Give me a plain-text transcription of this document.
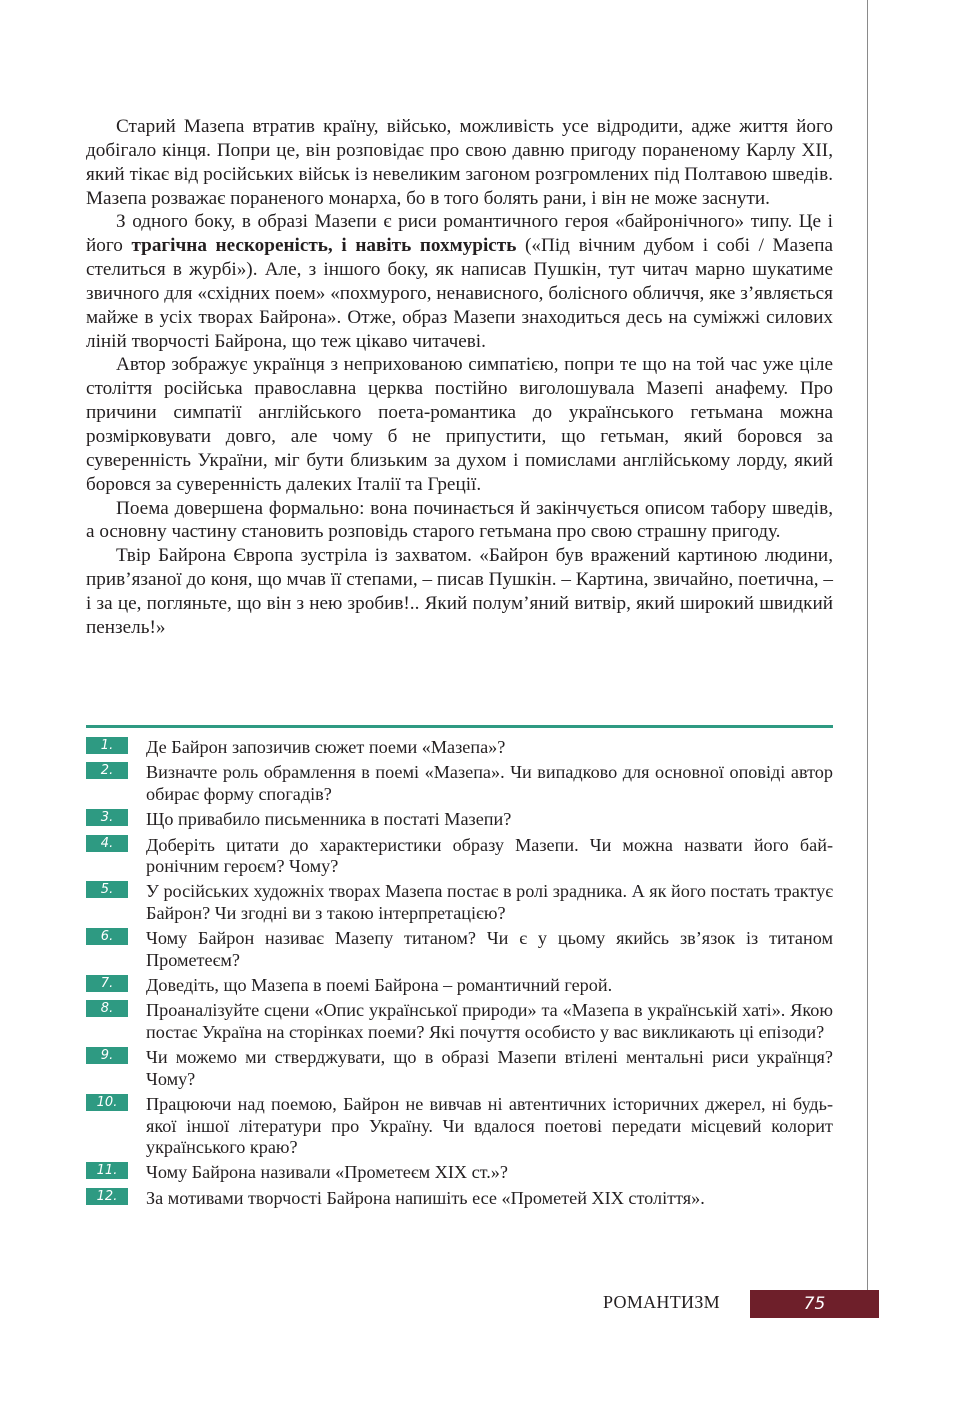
Старий Мазепа втратив країну, військо, можливість усе відродити, адже життя його добігало кінця. Попри це, він розповідає про свою давню пригоду пораненому Карлу XII, який тікає від російських військ із невеликим загоном розгромлених під Полтавою шведів. Мазепа розважає пораненого монарха, бо в того болять рани, і він не може заснути.

З одного боку, в образі Мазепи є риси романтичного героя «байронічного» типу. Це і його трагічна нескореність, і навіть похмурість («Під вічним дубом і собі / Мазепа стелиться в журбі»). Але, з іншого боку, як написав Пушкін, тут читач марно шукатиме звичного для «східних поем» «похмурого, ненависного, болісного обличчя, яке з’являється майже в усіх творах Байрона». Отже, образ Мазепи знаходиться десь на суміжжі силових ліній творчості Байрона, що теж цікаво читачеві.

Автор зображує українця з неприхованою симпатією, попри те що на той час уже ціле століття російська православна церква постійно виголошувала Мазепі анафему. Про причини симпатії англійського поета-романтика до українського гетьмана можна розмірковувати довго, але чому б не припустити, що гетьман, який боровся за суверенність України, міг бути близьким за духом і помислами англійському лорду, який боровся за суверенність далеких Італії та Греції.

Поема довершена формально: вона починається й закінчується описом табору шведів, а основну частину становить розповідь старого гетьмана про свою страшну пригоду.

Твір Байрона Європа зустріла із захватом. «Байрон був вражений картиною людини, прив’язаної до коня, що мчав її степами, – писав Пушкін. – Картина, звичайно, поетична, – і за це, погляньте, що він з нею зробив!.. Який полум’яний витвір, який широкий швидкий пензель!»

1.	Де Байрон запозичив сюжет поеми «Мазепа»?
2.	Визначте роль обрамлення в поемі «Мазепа». Чи випадково для основної оповіді автор обирає форму спогадів?
3.	Що привабило письменника в постаті Мазепи?
4.	Доберіть цитати до характеристики образу Мазепи. Чи можна назвати його байронічним героєм? Чому?
5.	У російських художніх творах Мазепа постає в ролі зрадника. А як його постать трактує Байрон? Чи згодні ви з такою інтерпретацією?
6.	Чому Байрон називає Мазепу титаном? Чи є у цьому якийсь зв’язок із титаном Прометеєм?
7.	Доведіть, що Мазепа в поемі Байрона – романтичний герой.
8.	Проаналізуйте сцени «Опис української природи» та «Мазепа в українській хаті». Якою постає Україна на сторінках поеми? Які почуття особисто у вас викликають ці епізоди?
9.	Чи можемо ми стверджувати, що в образі Мазепи втілені ментальні риси українця? Чому?
10.	Працюючи над поемою, Байрон не вивчав ні автентичних історичних джерел, ні будь-якої іншої літератури про Україну. Чи вдалося поетові передати місцевий колорит українського краю?
11.	Чому Байрона називали «Прометеєм XIX ст.»?
12.	За мотивами творчості Байрона напишіть есе «Прометей XIX століття».
РОМАНТИЗМ	75
